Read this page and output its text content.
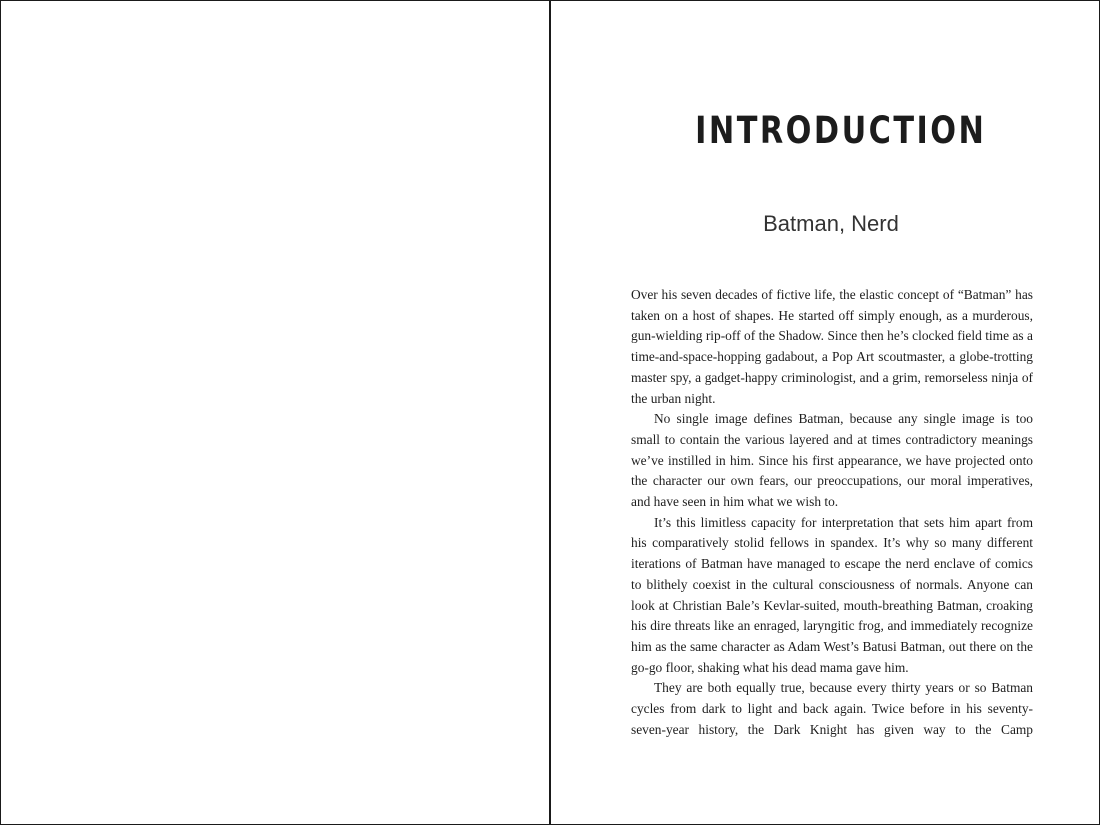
INTRODUCTION
Batman, Nerd

Over his seven decades of fictive life, the elastic concept of “Batman” has taken on a host of shapes. He started off simply enough, as a murderous, gun-wielding rip-off of the Shadow. Since then he’s clocked field time as a time-and-space-hopping gadabout, a Pop Art scoutmaster, a globe-trotting master spy, a gadget-happy criminologist, and a grim, remorseless ninja of the urban night.

No single image defines Batman, because any single image is too small to contain the various layered and at times contradictory meanings we’ve instilled in him. Since his first appearance, we have projected onto the character our own fears, our preoccupations, our moral imperatives, and have seen in him what we wish to.

It’s this limitless capacity for interpretation that sets him apart from his comparatively stolid fellows in spandex. It’s why so many different iterations of Batman have managed to escape the nerd enclave of comics to blithely coexist in the cultural consciousness of normals. Anyone can look at Christian Bale’s Kevlar-suited, mouth-breathing Batman, croaking his dire threats like an enraged, laryngitic frog, and immediately recognize him as the same character as Adam West’s Batusi Batman, out there on the go-go floor, shaking what his dead mama gave him.

They are both equally true, because every thirty years or so Batman cycles from dark to light and back again. Twice before in his seventy-seven-year history, the Dark Knight has given way to the Camp
